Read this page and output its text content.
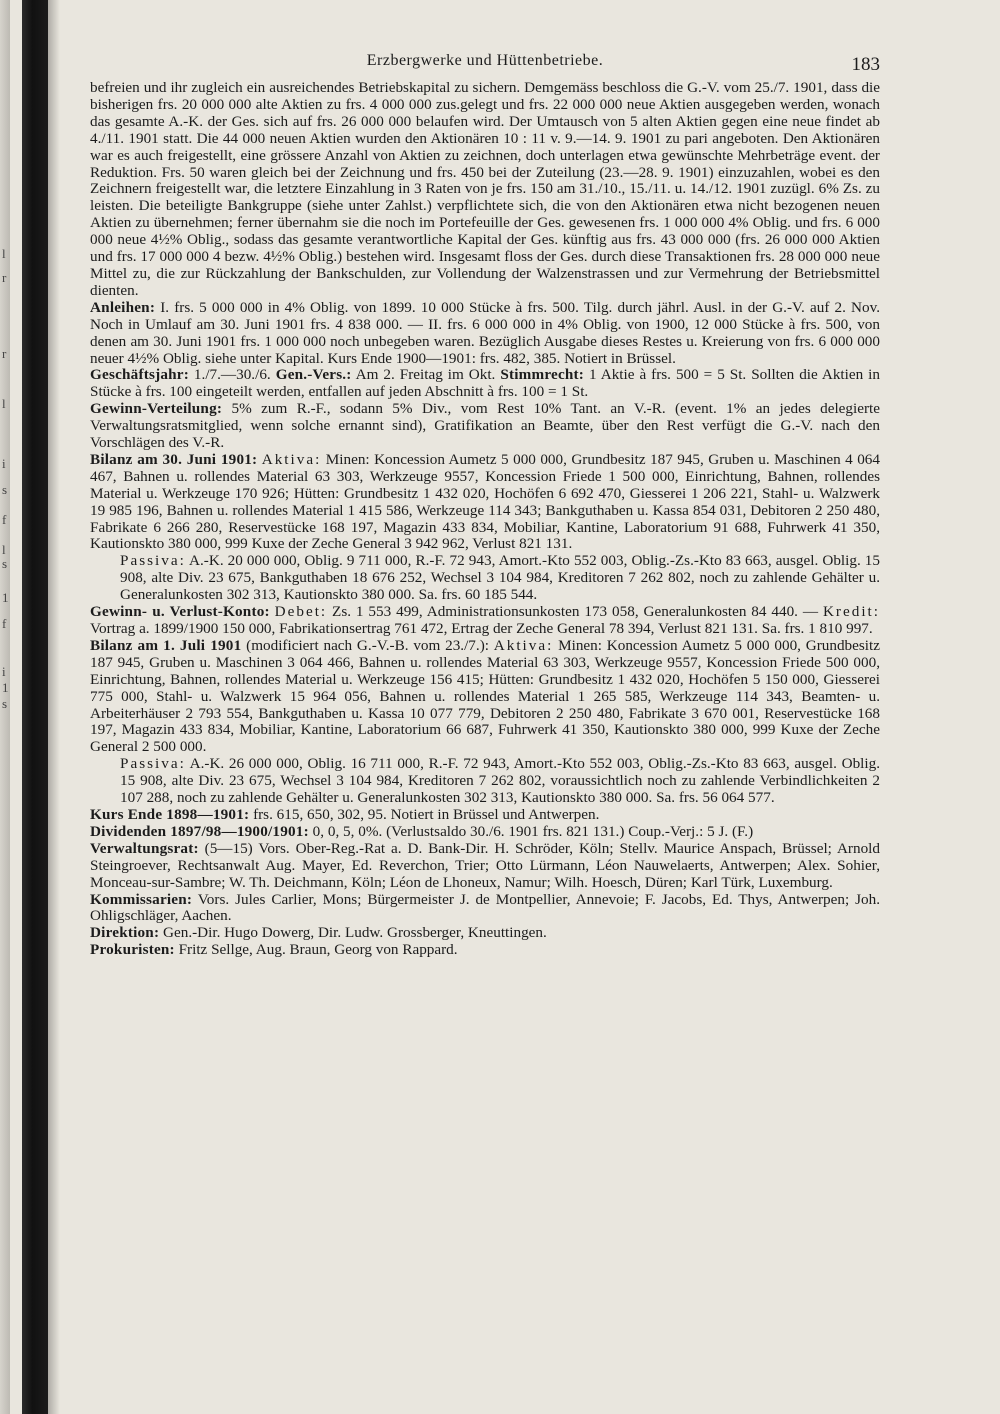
l
r
r
l
i
s
f
l
s
1
f
i
1
s
Erzbergwerke und Hüttenbetriebe.	183

befreien und ihr zugleich ein ausreichendes Betriebskapital zu sichern. Demgemäss beschloss die G.-V. vom 25./7. 1901, dass die bisherigen frs. 20 000 000 alte Aktien zu frs. 4 000 000 zus.gelegt und frs. 22 000 000 neue Aktien ausgegeben werden, wonach das gesamte A.-K. der Ges. sich auf frs. 26 000 000 belaufen wird. Der Umtausch von 5 alten Aktien gegen eine neue findet ab 4./11. 1901 statt. Die 44 000 neuen Aktien wurden den Aktionären 10 : 11 v. 9.—14. 9. 1901 zu pari angeboten. Den Aktionären war es auch freigestellt, eine grössere Anzahl von Aktien zu zeichnen, doch unterlagen etwa gewünschte Mehrbeträge event. der Reduktion. Frs. 50 waren gleich bei der Zeichnung und frs. 450 bei der Zuteilung (23.—28. 9. 1901) einzuzahlen, wobei es den Zeichnern freigestellt war, die letztere Einzahlung in 3 Raten von je frs. 150 am 31./10., 15./11. u. 14./12. 1901 zuzügl. 6% Zs. zu leisten. Die beteiligte Bankgruppe (siehe unter Zahlst.) verpflichtete sich, die von den Aktionären etwa nicht bezogenen neuen Aktien zu übernehmen; ferner übernahm sie die noch im Portefeuille der Ges. gewesenen frs. 1 000 000 4% Oblig. und frs. 6 000 000 neue 4½% Oblig., sodass das gesamte verantwortliche Kapital der Ges. künftig aus frs. 43 000 000 (frs. 26 000 000 Aktien und frs. 17 000 000 4 bezw. 4½% Oblig.) bestehen wird. Insgesamt floss der Ges. durch diese Transaktionen frs. 28 000 000 neue Mittel zu, die zur Rückzahlung der Bankschulden, zur Vollendung der Walzenstrassen und zur Vermehrung der Betriebsmittel dienten.

Anleihen: I. frs. 5 000 000 in 4% Oblig. von 1899. 10 000 Stücke à frs. 500. Tilg. durch jährl. Ausl. in der G.-V. auf 2. Nov. Noch in Umlauf am 30. Juni 1901 frs. 4 838 000. — II. frs. 6 000 000 in 4% Oblig. von 1900, 12 000 Stücke à frs. 500, von denen am 30. Juni 1901 frs. 1 000 000 noch unbegeben waren. Bezüglich Ausgabe dieses Restes u. Kreierung von frs. 6 000 000 neuer 4½% Oblig. siehe unter Kapital. Kurs Ende 1900—1901: frs. 482, 385. Notiert in Brüssel.

Geschäftsjahr: 1./7.—30./6. Gen.-Vers.: Am 2. Freitag im Okt. Stimmrecht: 1 Aktie à frs. 500 = 5 St. Sollten die Aktien in Stücke à frs. 100 eingeteilt werden, entfallen auf jeden Abschnitt à frs. 100 = 1 St.

Gewinn-Verteilung: 5% zum R.-F., sodann 5% Div., vom Rest 10% Tant. an V.-R. (event. 1% an jedes delegierte Verwaltungsratsmitglied, wenn solche ernannt sind), Gratifikation an Beamte, über den Rest verfügt die G.-V. nach den Vorschlägen des V.-R.

Bilanz am 30. Juni 1901: Aktiva: Minen: Koncession Aumetz 5 000 000, Grundbesitz 187 945, Gruben u. Maschinen 4 064 467, Bahnen u. rollendes Material 63 303, Werkzeuge 9557, Koncession Friede 1 500 000, Einrichtung, Bahnen, rollendes Material u. Werkzeuge 170 926; Hütten: Grundbesitz 1 432 020, Hochöfen 6 692 470, Giesserei 1 206 221, Stahl- u. Walzwerk 19 985 196, Bahnen u. rollendes Material 1 415 586, Werkzeuge 114 343; Bankguthaben u. Kassa 854 031, Debitoren 2 250 480, Fabrikate 6 266 280, Reservestücke 168 197, Magazin 433 834, Mobiliar, Kantine, Laboratorium 91 688, Fuhrwerk 41 350, Kautionskto 380 000, 999 Kuxe der Zeche General 3 942 962, Verlust 821 131.

Passiva: A.-K. 20 000 000, Oblig. 9 711 000, R.-F. 72 943, Amort.-Kto 552 003, Oblig.-Zs.-Kto 83 663, ausgel. Oblig. 15 908, alte Div. 23 675, Bankguthaben 18 676 252, Wechsel 3 104 984, Kreditoren 7 262 802, noch zu zahlende Gehälter u. Generalunkosten 302 313, Kautionskto 380 000. Sa. frs. 60 185 544.

Gewinn- u. Verlust-Konto: Debet: Zs. 1 553 499, Administrationsunkosten 173 058, Generalunkosten 84 440. — Kredit: Vortrag a. 1899/1900 150 000, Fabrikationsertrag 761 472, Ertrag der Zeche General 78 394, Verlust 821 131. Sa. frs. 1 810 997.

Bilanz am 1. Juli 1901 (modificiert nach G.-V.-B. vom 23./7.): Aktiva: Minen: Koncession Aumetz 5 000 000, Grundbesitz 187 945, Gruben u. Maschinen 3 064 466, Bahnen u. rollendes Material 63 303, Werkzeuge 9557, Koncession Friede 500 000, Einrichtung, Bahnen, rollendes Material u. Werkzeuge 156 415; Hütten: Grundbesitz 1 432 020, Hochöfen 5 150 000, Giesserei 775 000, Stahl- u. Walzwerk 15 964 056, Bahnen u. rollendes Material 1 265 585, Werkzeuge 114 343, Beamten- u. Arbeiterhäuser 2 793 554, Bankguthaben u. Kassa 10 077 779, Debitoren 2 250 480, Fabrikate 3 670 001, Reservestücke 168 197, Magazin 433 834, Mobiliar, Kantine, Laboratorium 66 687, Fuhrwerk 41 350, Kautionskto 380 000, 999 Kuxe der Zeche General 2 500 000.

Passiva: A.-K. 26 000 000, Oblig. 16 711 000, R.-F. 72 943, Amort.-Kto 552 003, Oblig.-Zs.-Kto 83 663, ausgel. Oblig. 15 908, alte Div. 23 675, Wechsel 3 104 984, Kreditoren 7 262 802, voraussichtlich noch zu zahlende Verbindlichkeiten 2 107 288, noch zu zahlende Gehälter u. Generalunkosten 302 313, Kautionskto 380 000. Sa. frs. 56 064 577.

Kurs Ende 1898—1901: frs. 615, 650, 302, 95. Notiert in Brüssel und Antwerpen.

Dividenden 1897/98—1900/1901: 0, 0, 5, 0%. (Verlustsaldo 30./6. 1901 frs. 821 131.) Coup.-Verj.: 5 J. (F.)

Verwaltungsrat: (5—15) Vors. Ober-Reg.-Rat a. D. Bank-Dir. H. Schröder, Köln; Stellv. Maurice Anspach, Brüssel; Arnold Steingroever, Rechtsanwalt Aug. Mayer, Ed. Reverchon, Trier; Otto Lürmann, Léon Nauwelaerts, Antwerpen; Alex. Sohier, Monceau-sur-Sambre; W. Th. Deichmann, Köln; Léon de Lhoneux, Namur; Wilh. Hoesch, Düren; Karl Türk, Luxemburg.

Kommissarien: Vors. Jules Carlier, Mons; Bürgermeister J. de Montpellier, Annevoie; F. Jacobs, Ed. Thys, Antwerpen; Joh. Ohligschläger, Aachen.

Direktion: Gen.-Dir. Hugo Dowerg, Dir. Ludw. Grossberger, Kneuttingen.

Prokuristen: Fritz Sellge, Aug. Braun, Georg von Rappard.
